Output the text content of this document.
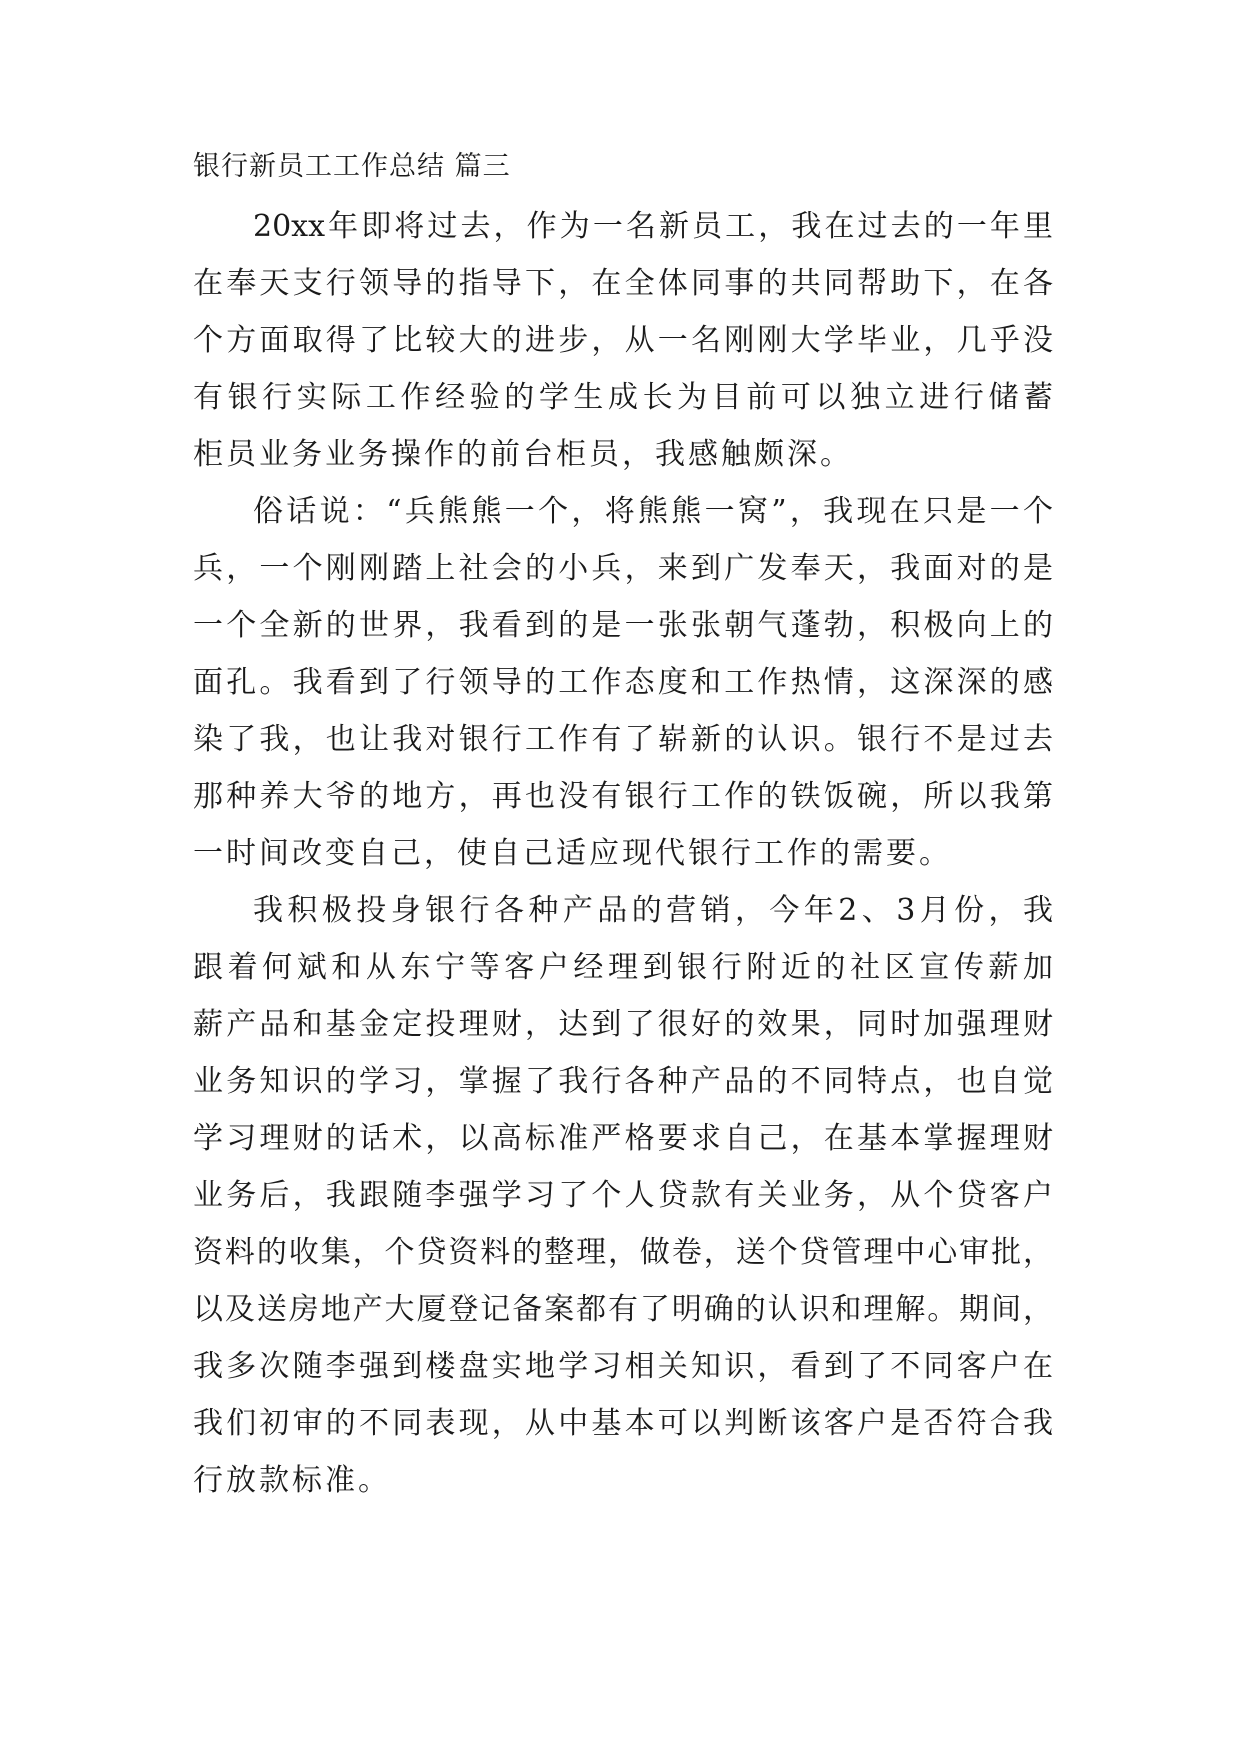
银行新员工工作总结 篇三
20xx年即将过去，作为一名新员工，我在过去的一年里
在奉天支行领导的指导下，在全体同事的共同帮助下，在各
个方面取得了比较大的进步，从一名刚刚大学毕业，几乎没
有银行实际工作经验的学生成长为目前可以独立进行储蓄
柜员业务业务操作的前台柜员，我感触颇深。
俗话说：“兵熊熊一个，将熊熊一窝”，我现在只是一个
兵，一个刚刚踏上社会的小兵，来到广发奉天，我面对的是
一个全新的世界，我看到的是一张张朝气蓬勃，积极向上的
面孔。我看到了行领导的工作态度和工作热情，这深深的感
染了我，也让我对银行工作有了崭新的认识。银行不是过去
那种养大爷的地方，再也没有银行工作的铁饭碗，所以我第
一时间改变自己，使自己适应现代银行工作的需要。
我积极投身银行各种产品的营销，今年2、3月份，我
跟着何斌和从东宁等客户经理到银行附近的社区宣传薪加
薪产品和基金定投理财，达到了很好的效果，同时加强理财
业务知识的学习，掌握了我行各种产品的不同特点，也自觉
学习理财的话术，以高标准严格要求自己，在基本掌握理财
业务后，我跟随李强学习了个人贷款有关业务，从个贷客户
资料的收集，个贷资料的整理，做卷，送个贷管理中心审批，
以及送房地产大厦登记备案都有了明确的认识和理解。期间，
我多次随李强到楼盘实地学习相关知识，看到了不同客户在
我们初审的不同表现，从中基本可以判断该客户是否符合我
行放款标准。
